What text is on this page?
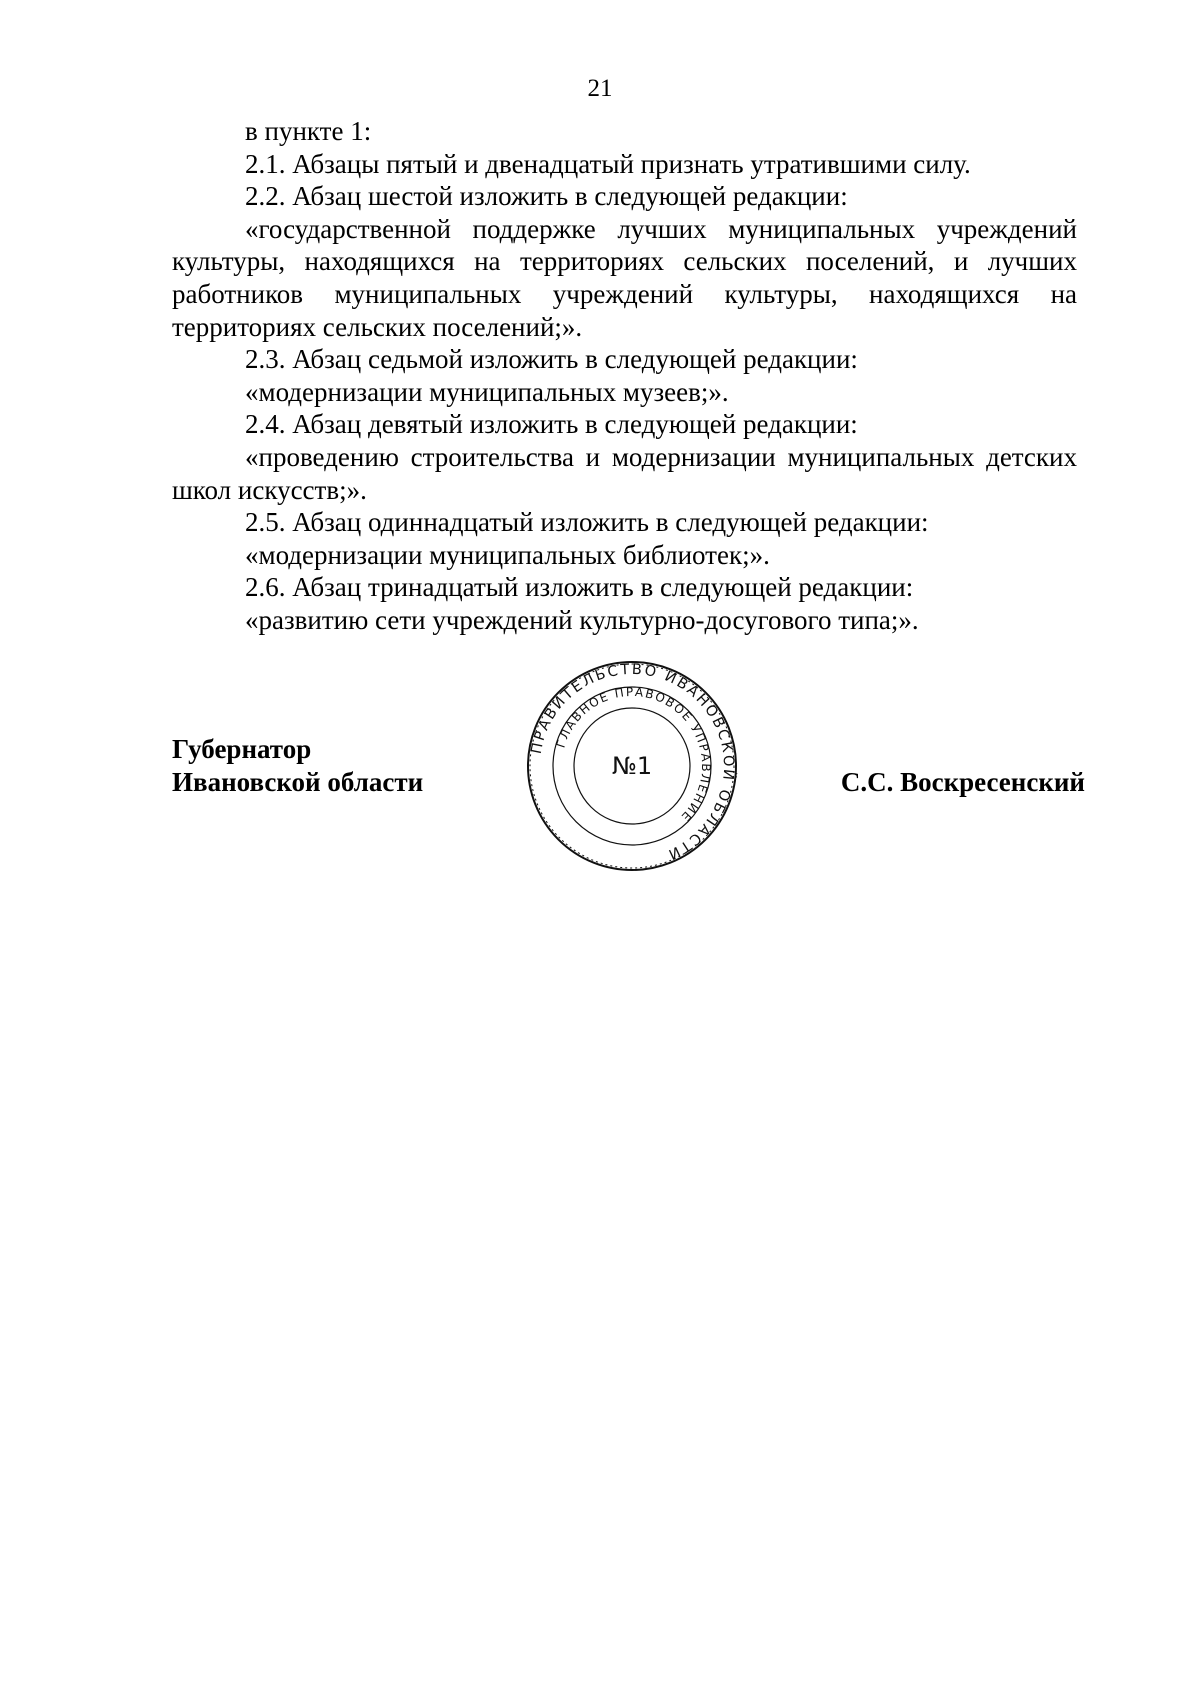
21

в пункте 1:

2.1. Абзацы пятый и двенадцатый признать утратившими силу.

2.2. Абзац шестой изложить в следующей редакции:

«государственной поддержке лучших муниципальных учреждений культуры, находящихся на территориях сельских поселений, и лучших работников муниципальных учреждений культуры, находящихся на территориях сельских поселений;».

2.3. Абзац седьмой изложить в следующей редакции:

«модернизации муниципальных музеев;».

2.4. Абзац девятый изложить в следующей редакции:

«проведению строительства и модернизации муниципальных детских школ искусств;».

2.5. Абзац одиннадцатый изложить в следующей редакции:

«модернизации муниципальных библиотек;».

2.6. Абзац тринадцатый изложить в следующей редакции:

«развитию сети учреждений культурно-досугового типа;».

Губернатор
Ивановской области
ПРАВИТЕЛЬСТВО ИВАНОВСКОЙ ОБЛАСТИ
ГЛАВНОЕ ПРАВОВОЕ УПРАВЛЕНИЕ
№1
С.С. Воскресенский
